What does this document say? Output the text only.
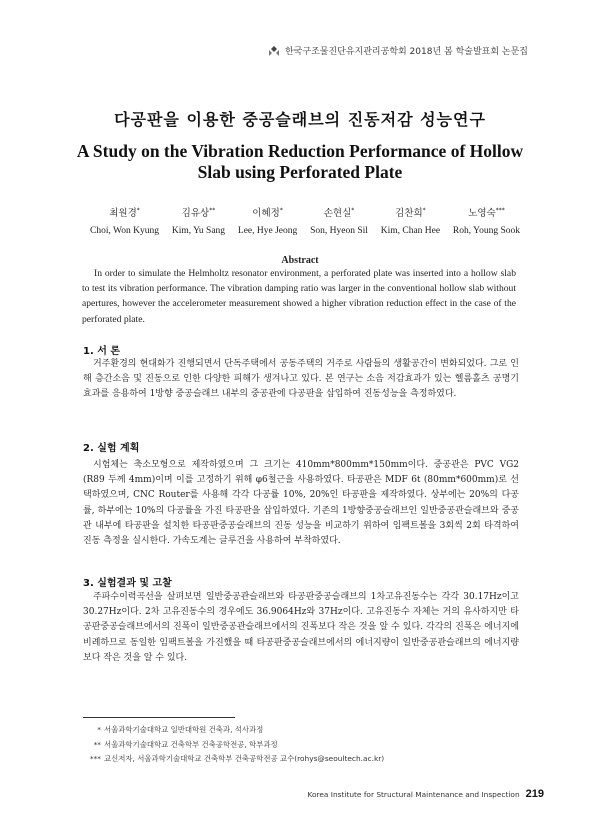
한국구조물진단유지관리공학회 2018년 봄 학술발표회 논문집
다공판을 이용한 중공슬래브의 진동저감 성능연구
A Study on the Vibration Reduction Performance of Hollow
Slab using Perforated Plate
최원경*
Choi, Won Kyung
김유상**
Kim, Yu Sang
이혜정*
Lee, Hye Jeong
손현실*
Son, Hyeon Sil
김찬희*
Kim, Chan Hee
노영숙***
Roh, Young Sook
Abstract

In order to simulate the Helmholtz resonator environment, a perforated plate was inserted into a hollow slab to test its vibration performance. The vibration damping ratio was larger in the conventional hollow slab without apertures, however the accelerometer measurement showed a higher vibration reduction effect in the case of the perforated plate.

1. 서 론

거주환경의 현대화가 진행되면서 단독주택에서 공동주택의 거주로 사람들의 생활공간이 변화되었다. 그로 인해 층간소음 및 진동으로 인한 다양한 피해가 생겨나고 있다. 본 연구는 소음 저감효과가 있는 헬름홀츠 공명기 효과를 응용하여 1방향 중공슬래브 내부의 중공관에 다공판을 삽입하여 진동성능을 측정하였다.

2. 실험 계획

시험체는 축소모형으로 제작하였으며 그 크기는 410mm*800mm*150mm이다. 중공관은 PVC VG2 (R89 두께 4mm)이며 이를 고정하기 위해 φ6철근을 사용하였다. 타공판은 MDF 6t (80mm*600mm)로 선택하였으며, CNC Router를 사용해 각각 다공률 10%, 20%인 타공판을 제작하였다. 상부에는 20%의 다공률, 하부에는 10%의 다공률을 가진 타공판을 삽입하였다. 기존의 1방향중공슬래브인 일반중공관슬래브와 중공관 내부에 타공판을 설치한 타공판중공슬래브의 진동 성능을 비교하기 위하여 임팩트볼을 3회씩 2회 타격하여 진동 측정을 실시한다. 가속도계는 글루건을 사용하여 부착하였다.

3. 실험결과 및 고찰

주파수이력곡선을 살펴보면 일반중공관슬래브와 타공판중공슬래브의 1차고유진동수는 각각 30.17Hz이고 30.27Hz이다. 2차 고유진동수의 경우에도 36.9064Hz와 37Hz이다. 고유진동수 자체는 거의 유사하지만 타공판중공슬래브에서의 진폭이 일반중공관슬래브에서의 진폭보다 작은 것을 알 수 있다. 각각의 진폭은 에너지에 비례하므로 동일한 임팩트볼을 가진했을 때 타공판중공슬래브에서의 에너지량이 일반중공관슬래브의 에너지량보다 작은 것을 알 수 있다.

* 서울과학기술대학교 일반대학원 건축과, 석사과정
** 서울과학기술대학교 건축학부 건축공학전공, 학부과정
*** 교신저자, 서울과학기술대학교 건축학부 건축공학전공 교수(rohys@seoultech.ac.kr)
Korea Institute for Structural Maintenance and Inspection 219
